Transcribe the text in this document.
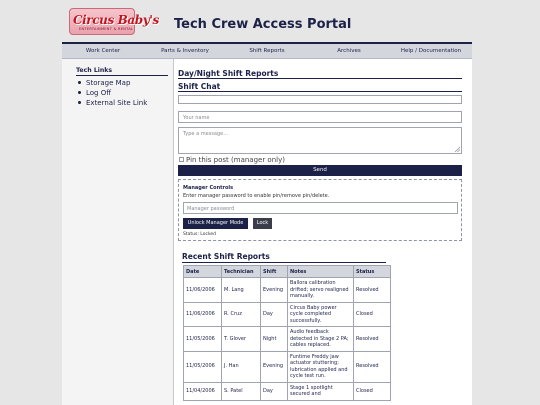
Circus Baby's
ENTERTAINMENT & RENTAL	Tech Crew Access Portal
Work Center	Parts & Inventory	Shift Reports	Archives	Help / Documentation
Tech Links
Storage Map
Log Off
External Site Link
Day/Night Shift Reports
Shift Chat
Your name
Type a message...
Pin this post (manager only)
Send
Manager Controls
Enter manager password to enable pin/remove pin/delete.
Manager password
Unlock Manager Mode	Lock
Status: Locked
Recent Shift Reports
Date	Technician	Shift	Notes	Status
11/06/2006	M. Lang	Evening	Ballora calibration drifted; servo realigned manually.	Resolved
11/06/2006	R. Cruz	Day	Circus Baby power cycle completed successfully.	Closed
11/05/2006	T. Glover	Night	Audio feedback detected in Stage 2 PA; cables replaced.	Resolved
11/05/2006	J. Han	Evening	Funtime Freddy jaw actuator stuttering; lubrication applied and cycle test run.	Resolved
11/04/2006	S. Patel	Day	Stage 1 spotlight secured and	Closed
